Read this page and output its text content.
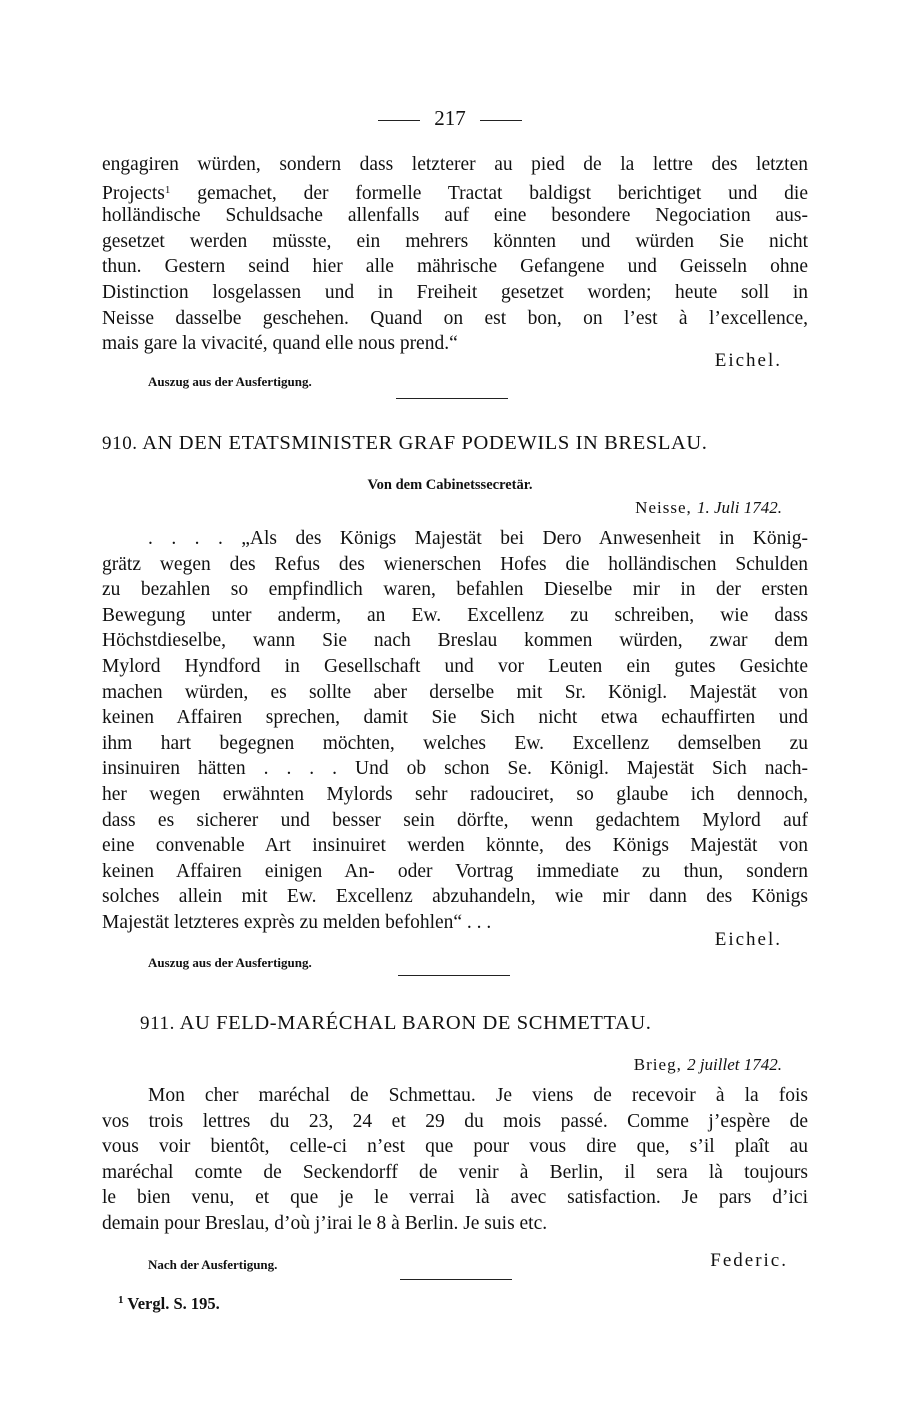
217
engagiren würden, sondern dass letzterer au pied de la lettre des letzten
Projects$^1$ gemachet, der formelle Tractat baldigst berichtiget und die
holländische Schuldsache allenfalls auf eine besondere Negociation aus-
gesetzet werden müsste, ein mehrers könnten und würden Sie nicht
thun. Gestern seind hier alle mährische Gefangene und Geisseln ohne
Distinction losgelassen und in Freiheit gesetzet worden; heute soll in
Neisse dasselbe geschehen. Quand on est bon, on l’est à l’excellence,
mais gare la vivacité, quand elle nous prend.“
Eichel.
Auszug aus der Ausfertigung.
910. AN DEN ETATSMINISTER GRAF PODEWILS IN BRESLAU.
Von dem Cabinetssecretär.
Neisse, 1. Juli 1742.
. . . . „Als des Königs Majestät bei Dero Anwesenheit in König-
grätz wegen des Refus des wienerschen Hofes die holländischen Schulden
zu bezahlen so empfindlich waren, befahlen Dieselbe mir in der ersten
Bewegung unter anderm, an Ew. Excellenz zu schreiben, wie dass
Höchstdieselbe, wann Sie nach Breslau kommen würden, zwar dem
Mylord Hyndford in Gesellschaft und vor Leuten ein gutes Gesichte
machen würden, es sollte aber derselbe mit Sr. Königl. Majestät von
keinen Affairen sprechen, damit Sie Sich nicht etwa echauffirten und
ihm hart begegnen möchten, welches Ew. Excellenz demselben zu
insinuiren hätten . . . . Und ob schon Se. Königl. Majestät Sich nach-
her wegen erwähnten Mylords sehr radouciret, so glaube ich dennoch,
dass es sicherer und besser sein dörfte, wenn gedachtem Mylord auf
eine convenable Art insinuiret werden könnte, des Königs Majestät von
keinen Affairen einigen An- oder Vortrag immediate zu thun, sondern
solches allein mit Ew. Excellenz abzuhandeln, wie mir dann des Königs
Majestät letzteres exprès zu melden befohlen“ . . .
Eichel.
Auszug aus der Ausfertigung.
911. AU FELD-MARÉCHAL BARON DE SCHMETTAU.
Brieg, 2 juillet 1742.
Mon cher maréchal de Schmettau. Je viens de recevoir à la fois
vos trois lettres du 23, 24 et 29 du mois passé. Comme j’espère de
vous voir bientôt, celle-ci n’est que pour vous dire que, s’il plaît au
maréchal comte de Seckendorff de venir à Berlin, il sera là toujours
le bien venu, et que je le verrai là avec satisfaction. Je pars d’ici
demain pour Breslau, d’où j’irai le 8 à Berlin. Je suis etc.
Federic.
Nach der Ausfertigung.
$^1$ Vergl. S. 195.
